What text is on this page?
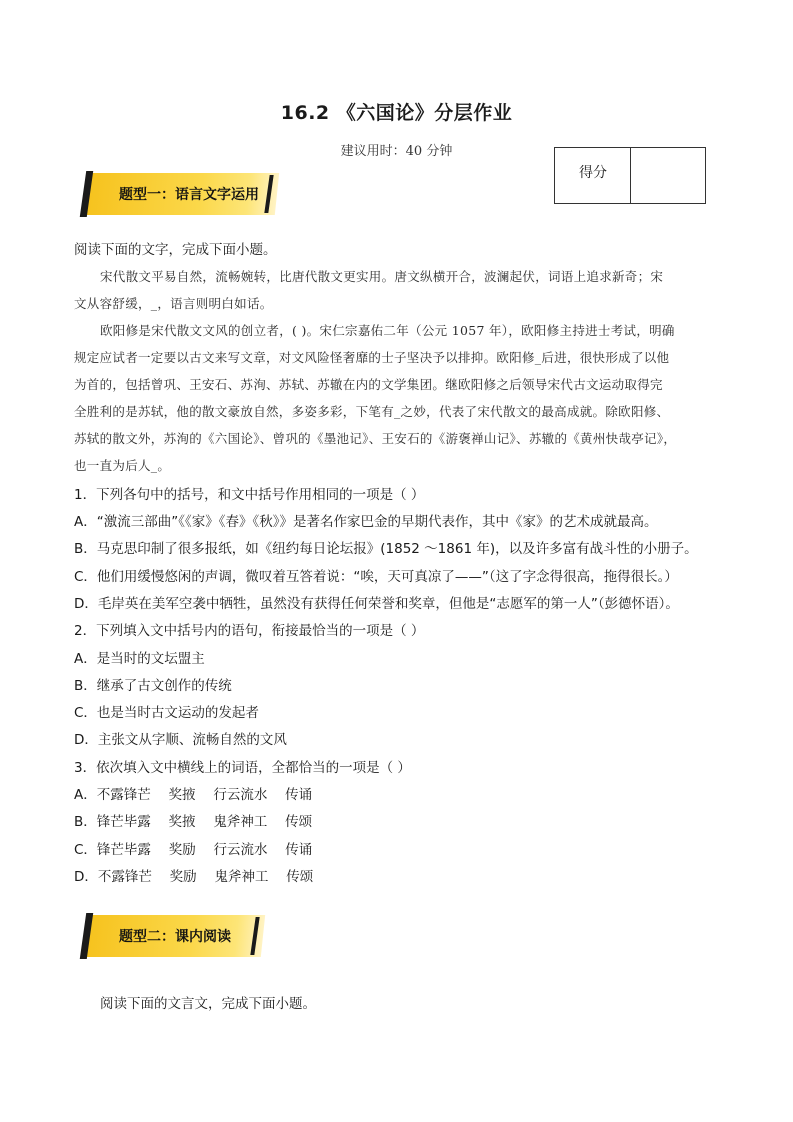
16.2 《六国论》分层作业
建议用时：40 分钟
得分
题型一：语言文字运用
阅读下面的文字，完成下面小题。
宋代散文平易自然，流畅婉转，比唐代散文更实用。唐文纵横开合，波澜起伏，词语上追求新奇；宋
文从容舒缓，_，语言则明白如话。
欧阳修是宋代散文文风的创立者，( )。宋仁宗嘉佑二年（公元 1057 年），欧阳修主持进士考试，明确
规定应试者一定要以古文来写文章，对文风险怪奢靡的士子坚决予以排抑。欧阳修_后进，很快形成了以他
为首的，包括曾巩、王安石、苏洵、苏轼、苏辙在内的文学集团。继欧阳修之后领导宋代古文运动取得完
全胜利的是苏轼，他的散文豪放自然，多姿多彩，下笔有_之妙，代表了宋代散文的最高成就。除欧阳修、
苏轼的散文外，苏洵的《六国论》、曾巩的《墨池记》、王安石的《游褒禅山记》、苏辙的《黄州快哉亭记》，
也一直为后人_。
1．下列各句中的括号，和文中括号作用相同的一项是（ ）
A．“激流三部曲”《《家》《春》《秋》》是著名作家巴金的早期代表作，其中《家》的艺术成就最高。
B．马克思印制了很多报纸，如《纽约每日论坛报》(1852 ～1861 年)，以及许多富有战斗性的小册子。
C．他们用缓慢悠闲的声调，微叹着互答着说：“唉，天可真凉了——”（这了字念得很高，拖得很长。）
D．毛岸英在美军空袭中牺牲，虽然没有获得任何荣誉和奖章，但他是“志愿军的第一人”（彭德怀语）。
2．下列填入文中括号内的语句，衔接最恰当的一项是（ ）
A．是当时的文坛盟主
B．继承了古文创作的传统
C．也是当时古文运动的发起者
D．主张文从字顺、流畅自然的文风
3．依次填入文中横线上的词语，全都恰当的一项是（ ）
A．不露锋芒　 奖掖　 行云流水　 传诵
B．锋芒毕露　 奖掖　 鬼斧神工　 传颂
C．锋芒毕露　 奖励　 行云流水　 传诵
D．不露锋芒　 奖励　 鬼斧神工　 传颂
题型二：课内阅读
阅读下面的文言文，完成下面小题。
